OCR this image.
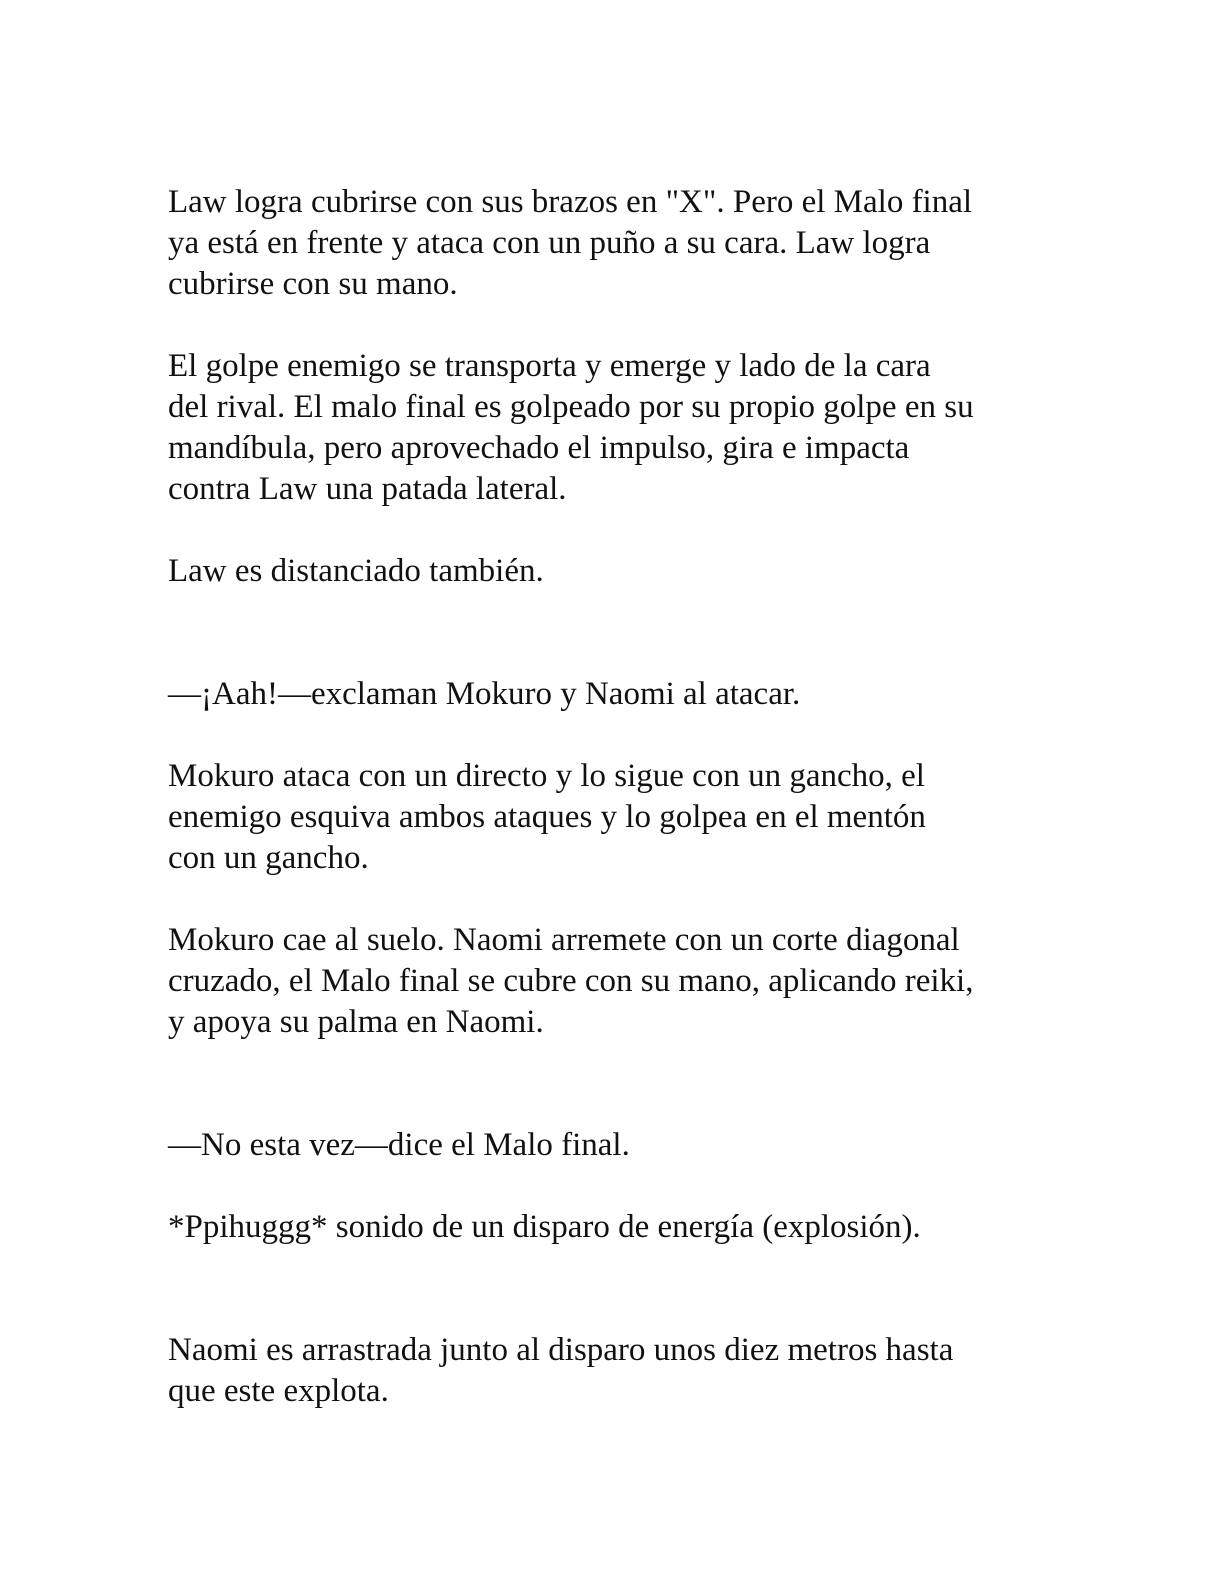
Law logra cubrirse con sus brazos en "X". Pero el Malo final
ya está en frente y ataca con un puño a su cara. Law logra
cubrirse con su mano.

El golpe enemigo se transporta y emerge y lado de la cara
del rival. El malo final es golpeado por su propio golpe en su
mandíbula, pero aprovechado el impulso, gira e impacta
contra Law una patada lateral.

Law es distanciado también.

—¡Aah!—exclaman Mokuro y Naomi al atacar.

Mokuro ataca con un directo y lo sigue con un gancho, el
enemigo esquiva ambos ataques y lo golpea en el mentón
con un gancho.

Mokuro cae al suelo. Naomi arremete con un corte diagonal
cruzado, el Malo final se cubre con su mano, aplicando reiki,
y apoya su palma en Naomi.

—No esta vez—dice el Malo final.

*Ppihuggg* sonido de un disparo de energía (explosión).

Naomi es arrastrada junto al disparo unos diez metros hasta
que este explota.
